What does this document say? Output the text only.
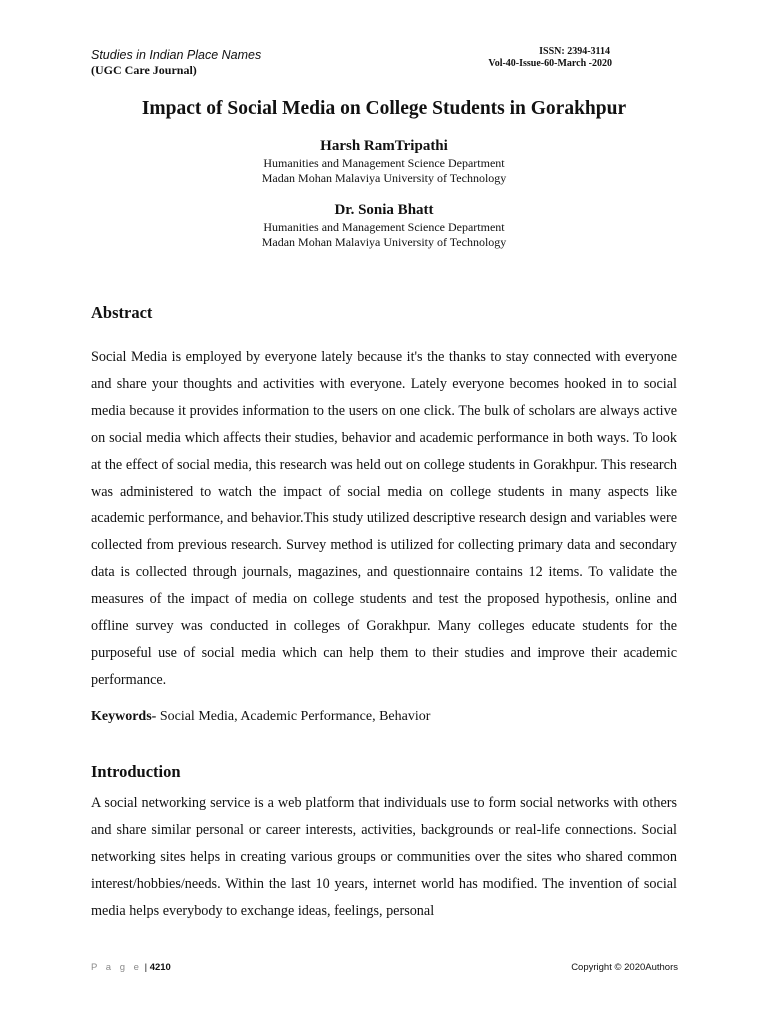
Studies in Indian Place Names
(UGC Care Journal)
ISSN: 2394-3114
Vol-40-Issue-60-March -2020
Impact of Social Media on College Students in Gorakhpur
Harsh RamTripathi
Humanities and Management Science Department
Madan Mohan Malaviya University of Technology
Dr. Sonia Bhatt
Humanities and Management Science Department
Madan Mohan Malaviya University of Technology
Abstract
Social Media is employed by everyone lately because it's the thanks to stay connected with everyone and share your thoughts and activities with everyone. Lately everyone becomes hooked in to social media because it provides information to the users on one click. The bulk of scholars are always active on social media which affects their studies, behavior and academic performance in both ways. To look at the effect of social media, this research was held out on college students in Gorakhpur. This research was administered to watch the impact of social media on college students in many aspects like academic performance, and behavior.This study utilized descriptive research design and variables were collected from previous research. Survey method is utilized for collecting primary data and secondary data is collected through journals, magazines, and questionnaire contains 12 items. To validate the measures of the impact of media on college students and test the proposed hypothesis, online and offline survey was conducted in colleges of Gorakhpur. Many colleges educate students for the purposeful use of social media which can help them to their studies and improve their academic performance.
Keywords- Social Media, Academic Performance, Behavior
Introduction
A social networking service is a web platform that individuals use to form social networks with others and share similar personal or career interests, activities, backgrounds or real-life connections. Social networking sites helps in creating various groups or communities over the sites who shared common interest/hobbies/needs. Within the last 10 years, internet world has modified. The invention of social media helps everybody to exchange ideas, feelings, personal
P a g e | 4210	Copyright © 2020Authors
